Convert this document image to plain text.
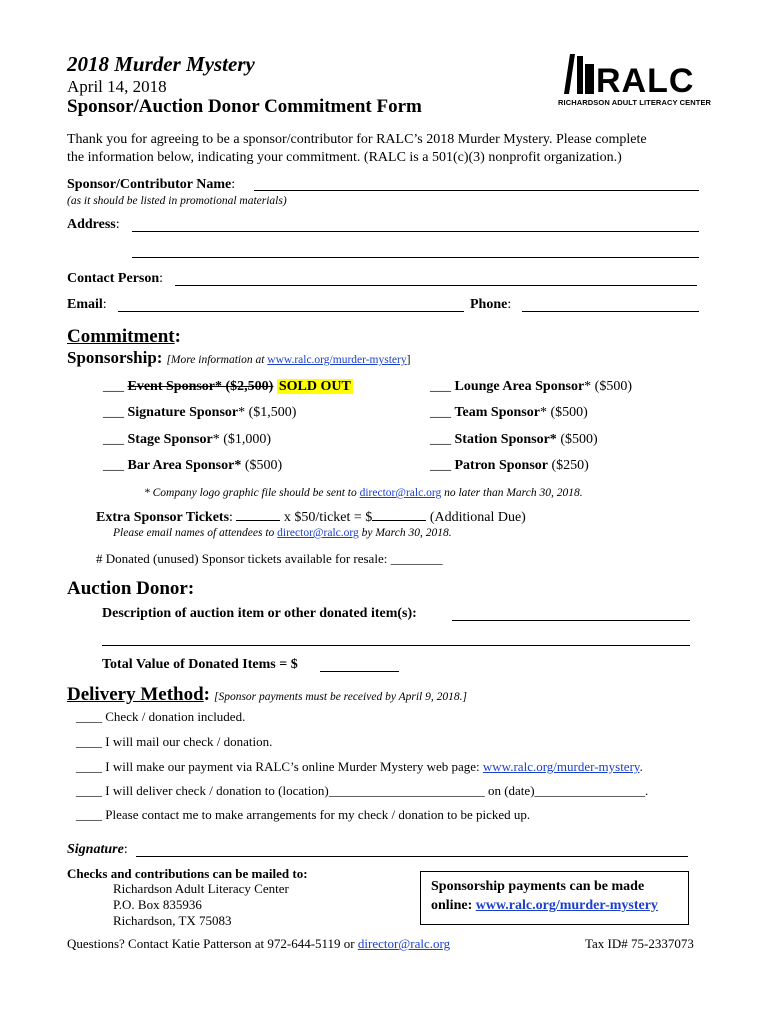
2018 Murder Mystery
April 14, 2018
Sponsor/Auction Donor Commitment Form
RALC
RICHARDSON ADULT LITERACY CENTER
Thank you for agreeing to be a sponsor/contributor for RALC’s 2018 Murder Mystery. Please complete
the information below, indicating your commitment. (RALC is a 501(c)(3) nonprofit organization.)
Sponsor/Contributor Name:
(as it should be listed in promotional materials)
Address:
Contact Person:
Email:	Phone:
Commitment:
Sponsorship: [More information at www.ralc.org/murder-mystery]
___ Event Sponsor* ($2,500) SOLD OUT
___ Signature Sponsor* ($1,500)
___ Stage Sponsor* ($1,000)
___ Bar Area Sponsor* ($500)
___ Lounge Area Sponsor* ($500)
___ Team Sponsor* ($500)
___ Station Sponsor* ($500)
___ Patron Sponsor ($250)
* Company logo graphic file should be sent to director@ralc.org no later than March 30, 2018.
Extra Sponsor Tickets:	x $50/ticket = $	(Additional Due)
Please email names of attendees to director@ralc.org by March 30, 2018.
# Donated (unused) Sponsor tickets available for resale: ________
Auction Donor:
Description of auction item or other donated item(s):
Total Value of Donated Items = $
Delivery Method: [Sponsor payments must be received by April 9, 2018.]
____ Check / donation included.
____ I will mail our check / donation.
____ I will make our payment via RALC’s online Murder Mystery web page: www.ralc.org/murder-mystery.
____ I will deliver check / donation to (location)________________________ on (date)_________________.
____ Please contact me to make arrangements for my check / donation to be picked up.
Signature:
Checks and contributions can be mailed to:
Richardson Adult Literacy Center
P.O. Box 835936
Richardson, TX 75083
Sponsorship payments can be made
online: www.ralc.org/murder-mystery
Questions? Contact Katie Patterson at 972-644-5119 or director@ralc.org	Tax ID# 75-2337073
